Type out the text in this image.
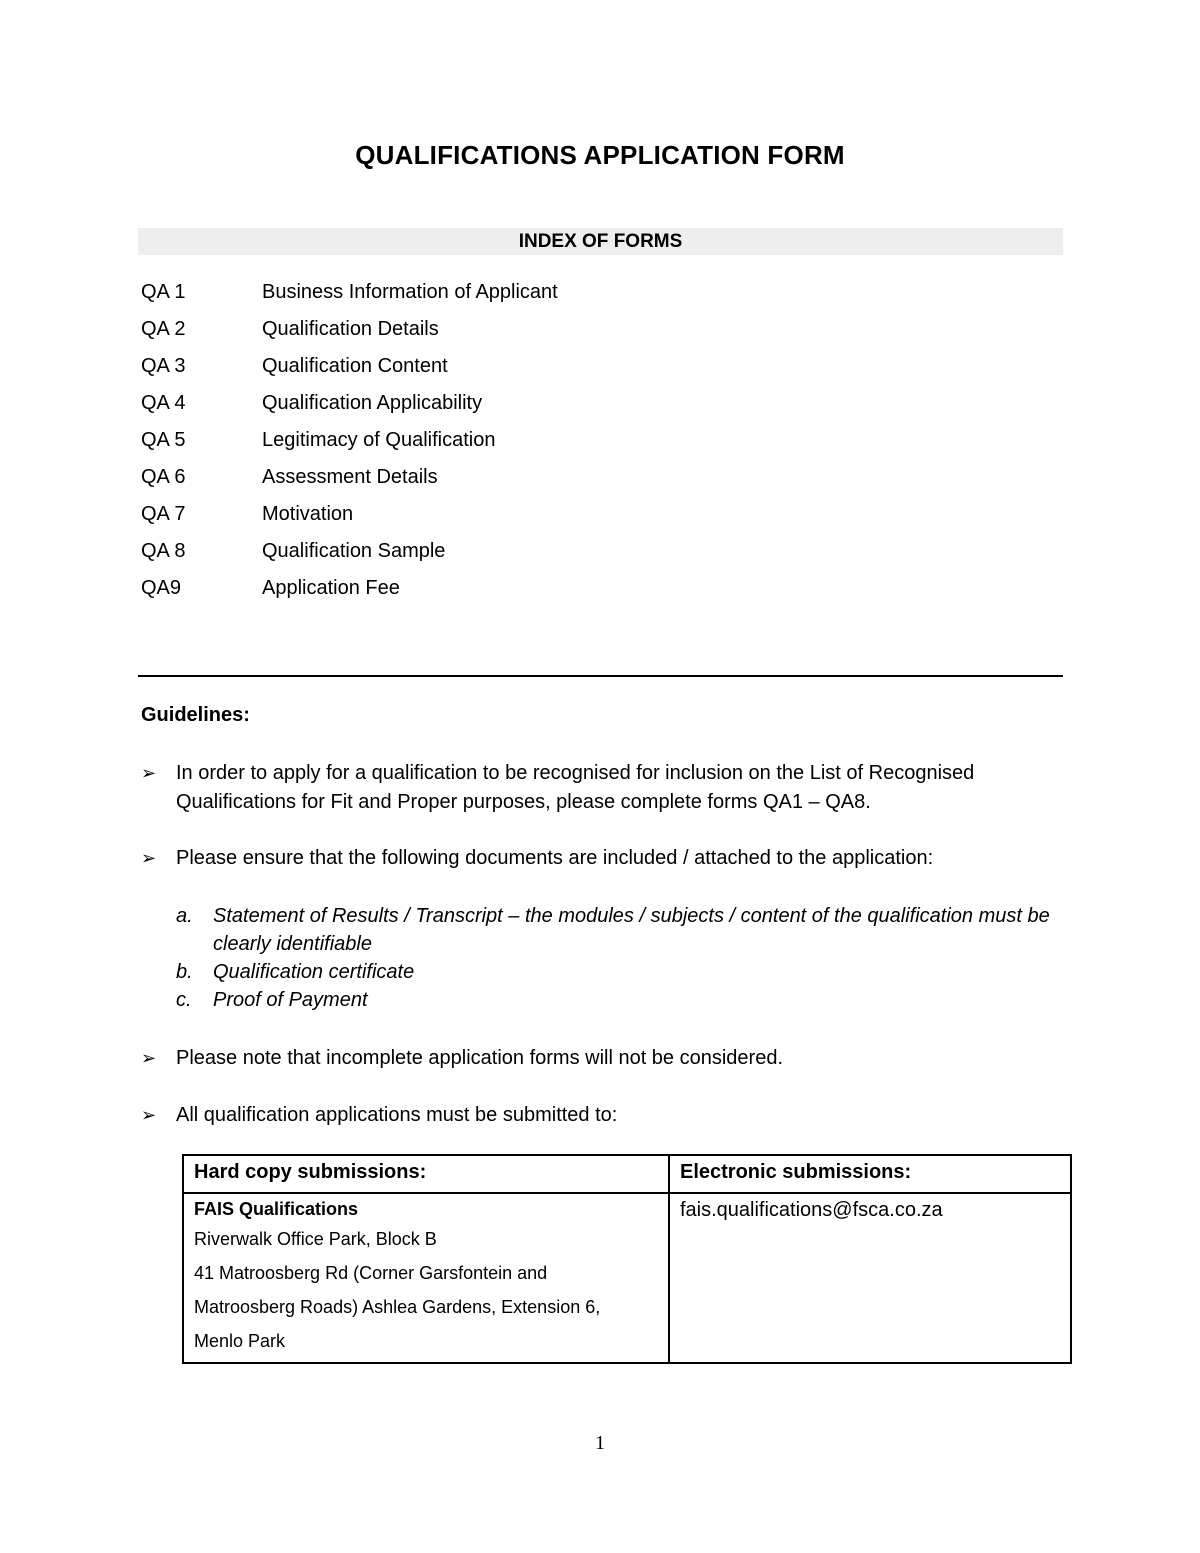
QUALIFICATIONS APPLICATION FORM
INDEX OF FORMS
QA 1	Business Information of Applicant
QA 2	Qualification Details
QA 3	Qualification Content
QA 4	Qualification Applicability
QA 5	Legitimacy of Qualification
QA 6	Assessment Details
QA 7	Motivation
QA 8	Qualification Sample
QA9	Application Fee
Guidelines:
➢ In order to apply for a qualification to be recognised for inclusion on the List of Recognised Qualifications for Fit and Proper purposes, please complete forms QA1 – QA8.
➢ Please ensure that the following documents are included / attached to the application:
a. Statement of Results / Transcript – the modules / subjects / content of the qualification must be clearly identifiable
b. Qualification certificate
c. Proof of Payment
➢ Please note that incomplete application forms will not be considered.
➢ All qualification applications must be submitted to:
Hard copy submissions:	Electronic submissions:

FAIS Qualifications
Riverwalk Office Park, Block B
41 Matroosberg Rd (Corner Garsfontein and
Matroosberg Roads) Ashlea Gardens, Extension 6,
Menlo Park	fais.qualifications@fsca.co.za
1
